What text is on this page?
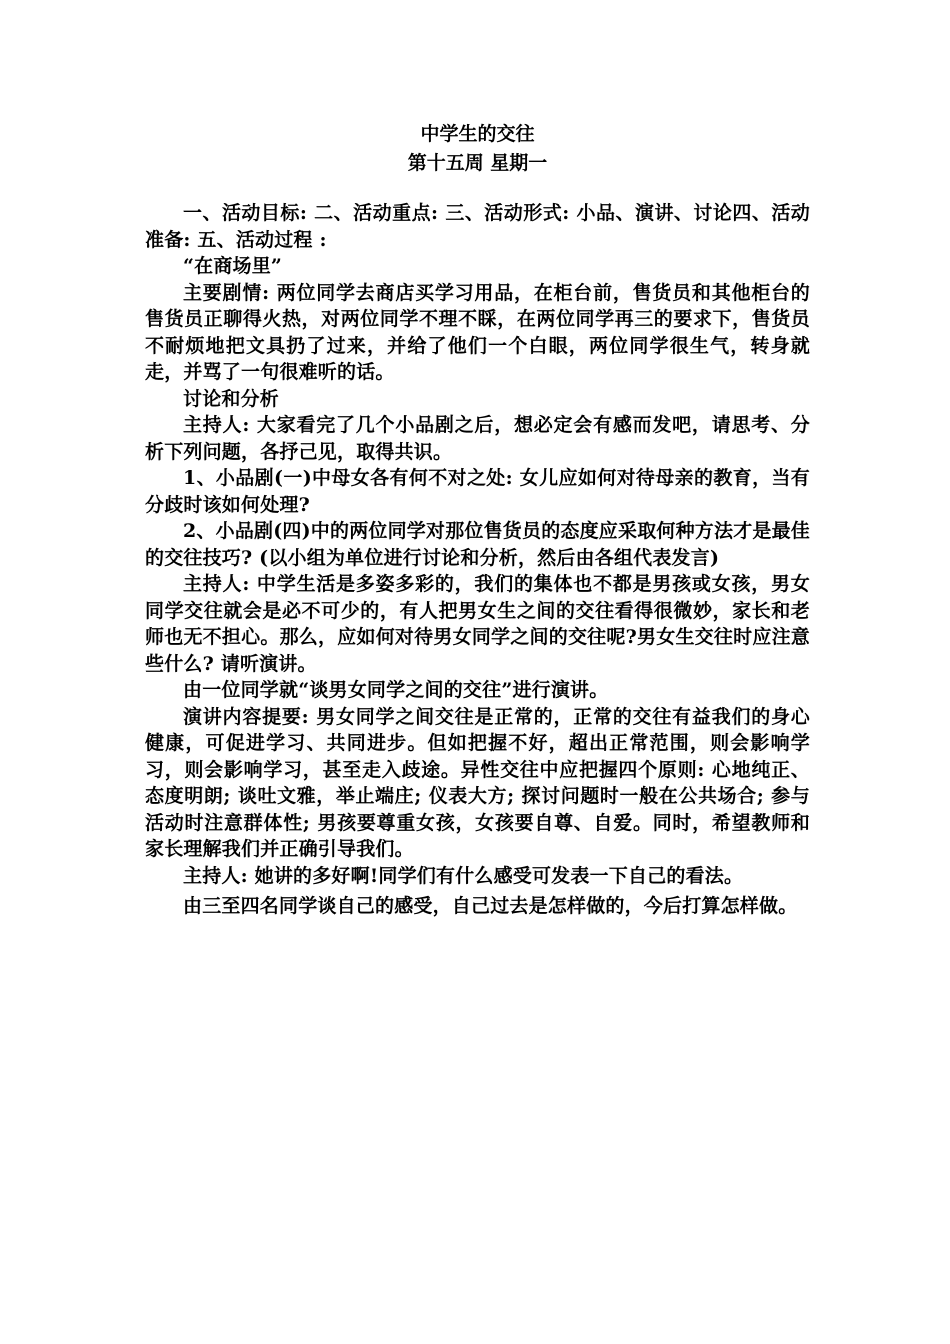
中学生的交往

第十五周 星期一

一、活动目标: 二、活动重点: 三、活动形式: 小品、演讲、讨论四、活动准备: 五、活动过程 :

“在商场里”

主要剧情: 两位同学去商店买学习用品，在柜台前，售货员和其他柜台的售货员正聊得火热，对两位同学不理不睬，在两位同学再三的要求下，售货员不耐烦地把文具扔了过来，并给了他们一个白眼，两位同学很生气，转身就走，并骂了一句很难听的话。

讨论和分析

主持人: 大家看完了几个小品剧之后，想必定会有感而发吧，请思考、分析下列问题，各抒己见，取得共识。

1、小品剧(一)中母女各有何不对之处: 女儿应如何对待母亲的教育，当有分歧时该如何处理?

2、小品剧(四)中的两位同学对那位售货员的态度应采取何种方法才是最佳的交往技巧? (以小组为单位进行讨论和分析，然后由各组代表发言)

主持人: 中学生活是多姿多彩的，我们的集体也不都是男孩或女孩，男女同学交往就会是必不可少的，有人把男女生之间的交往看得很微妙，家长和老师也无不担心。那么，应如何对待男女同学之间的交往呢?男女生交往时应注意些什么? 请听演讲。

由一位同学就“谈男女同学之间的交往”进行演讲。

演讲内容提要: 男女同学之间交往是正常的，正常的交往有益我们的身心健康，可促进学习、共同进步。但如把握不好，超出正常范围，则会影响学习，则会影响学习，甚至走入歧途。异性交往中应把握四个原则: 心地纯正、态度明朗; 谈吐文雅，举止端庄; 仪表大方; 探讨问题时一般在公共场合; 参与活动时注意群体性; 男孩要尊重女孩，女孩要自尊、自爱。同时，希望教师和家长理解我们并正确引导我们。

主持人: 她讲的多好啊!同学们有什么感受可发表一下自己的看法。

由三至四名同学谈自己的感受，自己过去是怎样做的，今后打算怎样做。
